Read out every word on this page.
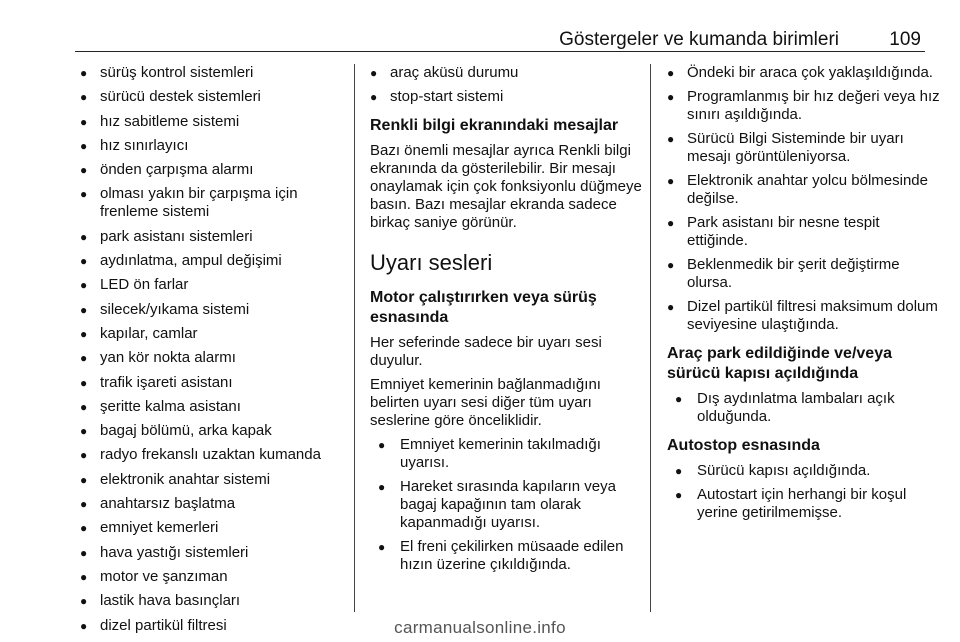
Göstergeler ve kumanda birimleri	109
● sürüş kontrol sistemleri
● sürücü destek sistemleri
● hız sabitleme sistemi
● hız sınırlayıcı
● önden çarpışma alarmı
● olması yakın bir çarpışma için frenleme sistemi
● park asistanı sistemleri
● aydınlatma, ampul değişimi
● LED ön farlar
● silecek/yıkama sistemi
● kapılar, camlar
● yan kör nokta alarmı
● trafik işareti asistanı
● şeritte kalma asistanı
● bagaj bölümü, arka kapak
● radyo frekanslı uzaktan kumanda
● elektronik anahtar sistemi
● anahtarsız başlatma
● emniyet kemerleri
● hava yastığı sistemleri
● motor ve şanzıman
● lastik hava basınçları
● dizel partikül filtresi
● araç aküsü durumu
● stop-start sistemi
Renkli bilgi ekranındaki mesajlar

Bazı önemli mesajlar ayrıca Renkli bilgi ekranında da gösterilebilir. Bir mesajı onaylamak için çok fonksiyonlu düğmeye basın. Bazı mesajlar ekranda sadece birkaç saniye görünür.

Uyarı sesleri
Motor çalıştırırken veya sürüş esnasında

Her seferinde sadece bir uyarı sesi duyulur.

Emniyet kemerinin bağlanmadığını belirten uyarı sesi diğer tüm uyarı seslerine göre önceliklidir.

● Emniyet kemerinin takılmadığı uyarısı.
● Hareket sırasında kapıların veya bagaj kapağının tam olarak kapanmadığı uyarısı.
● El freni çekilirken müsaade edilen hızın üzerine çıkıldığında.
● Öndeki bir araca çok yaklaşıldığında.
● Programlanmış bir hız değeri veya hız sınırı aşıldığında.
● Sürücü Bilgi Sisteminde bir uyarı mesajı görüntüleniyorsa.
● Elektronik anahtar yolcu bölmesinde değilse.
● Park asistanı bir nesne tespit ettiğinde.
● Beklenmedik bir şerit değiştirme olursa.
● Dizel partikül filtresi maksimum dolum seviyesine ulaştığında.
Araç park edildiğinde ve/veya sürücü kapısı açıldığında
● Dış aydınlatma lambaları açık olduğunda.
Autostop esnasında
● Sürücü kapısı açıldığında.
● Autostart için herhangi bir koşul yerine getirilmemişse.
carmanualsonline.info
